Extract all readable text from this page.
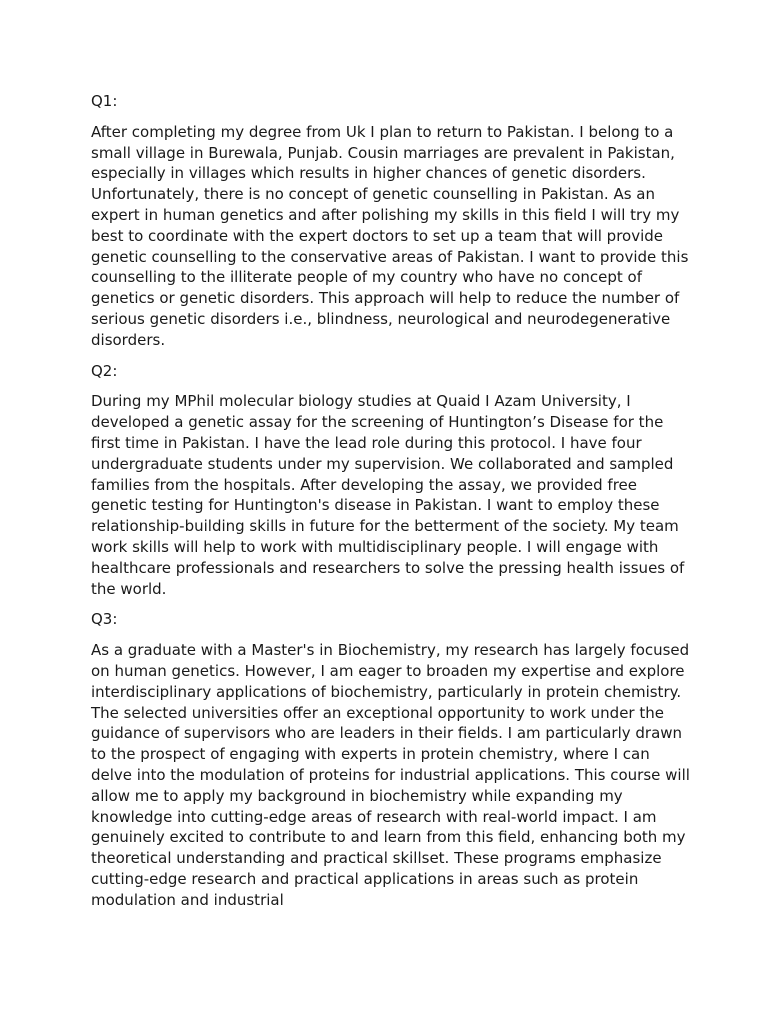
Q1:
After completing my degree from Uk I plan to return to Pakistan. I belong to a small village in Burewala, Punjab. Cousin marriages are prevalent in Pakistan, especially in villages which results in higher chances of genetic disorders. Unfortunately, there is no concept of genetic counselling in Pakistan. As an expert in human genetics and after polishing my skills in this field I will try my best to coordinate with the expert doctors to set up a team that will provide genetic counselling to the conservative areas of Pakistan. I want to provide this counselling to the illiterate people of my country who have no concept of genetics or genetic disorders. This approach will help to reduce the number of serious genetic disorders i.e., blindness, neurological and neurodegenerative disorders.
Q2:
During my MPhil molecular biology studies at Quaid I Azam University, I developed a genetic assay for the screening of Huntington’s Disease for the first time in Pakistan. I have the lead role during this protocol. I have four undergraduate students under my supervision. We collaborated and sampled families from the hospitals. After developing the assay, we provided free genetic testing for Huntington's disease in Pakistan. I want to employ these relationship-building skills in future for the betterment of the society. My team work skills will help to work with multidisciplinary people. I will engage with healthcare professionals and researchers to solve the pressing health issues of the world.
Q3:
As a graduate with a Master's in Biochemistry, my research has largely focused on human genetics. However, I am eager to broaden my expertise and explore interdisciplinary applications of biochemistry, particularly in protein chemistry. The selected universities offer an exceptional opportunity to work under the guidance of supervisors who are leaders in their fields. I am particularly drawn to the prospect of engaging with experts in protein chemistry, where I can delve into the modulation of proteins for industrial applications. This course will allow me to apply my background in biochemistry while expanding my knowledge into cutting-edge areas of research with real-world impact. I am genuinely excited to contribute to and learn from this field, enhancing both my theoretical understanding and practical skillset. These programs emphasize cutting-edge research and practical applications in areas such as protein modulation and industrial
